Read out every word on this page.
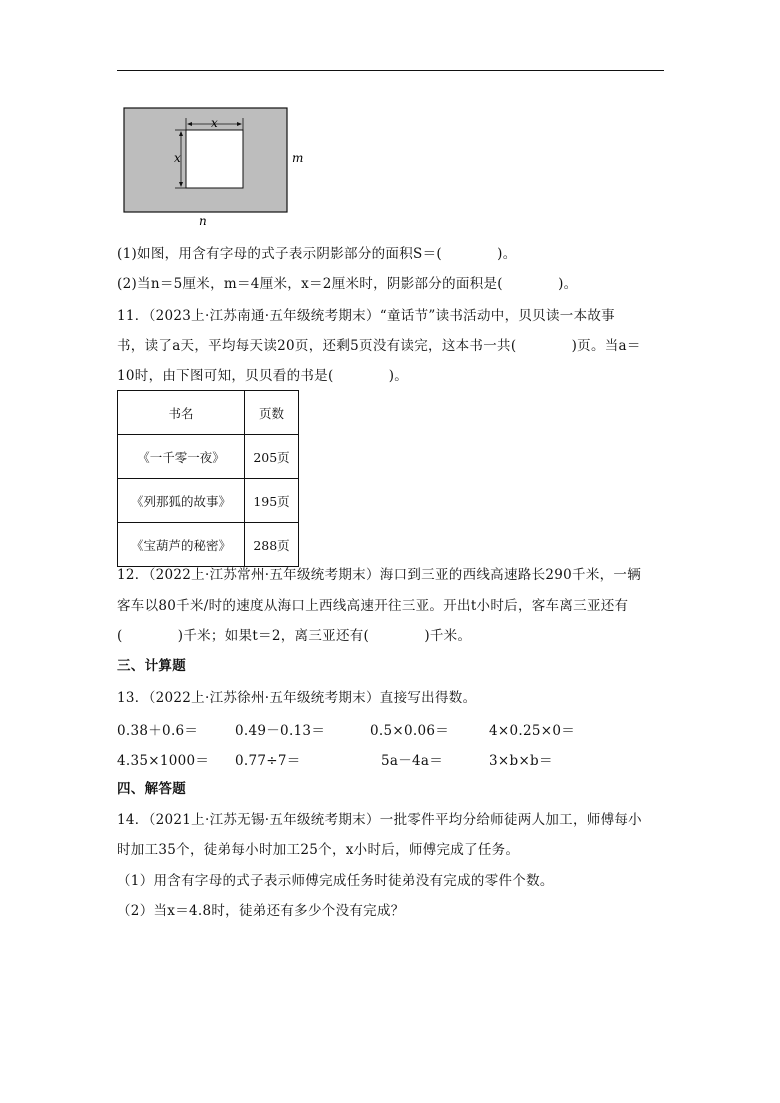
x
x	m
n
(1)如图，用含有字母的式子表示阴影部分的面积S＝(　　　　)。
(2)当n＝5厘米，m＝4厘米，x＝2厘米时，阴影部分的面积是(　　　　)。
11．（2023上·江苏南通·五年级统考期末）“童话节”读书活动中，贝贝读一本故事
书，读了a天，平均每天读20页，还剩5页没有读完，这本书一共(　　　　)页。当a＝
10时，由下图可知，贝贝看的书是(　　　　)。
书名	页数
《一千零一夜》	205页
《列那狐的故事》	195页
《宝葫芦的秘密》	288页
12．（2022上·江苏常州·五年级统考期末）海口到三亚的西线高速路长290千米，一辆
客车以80千米/时的速度从海口上西线高速开往三亚。开出t小时后，客车离三亚还有
(　　　　)千米；如果t＝2，离三亚还有(　　　　)千米。
三、计算题
13．（2022上·江苏徐州·五年级统考期末）直接写出得数。
0.38＋0.6＝	0.49－0.13＝	0.5×0.06＝	4×0.25×0＝
4.35×1000＝ 0.77÷7＝	5a－4a＝	3×b×b＝
四、解答题
14．（2021上·江苏无锡·五年级统考期末）一批零件平均分给师徒两人加工，师傅每小
时加工35个，徒弟每小时加工25个，x小时后，师傅完成了任务。
（1）用含有字母的式子表示师傅完成任务时徒弟没有完成的零件个数。
（2）当x＝4.8时，徒弟还有多少个没有完成？
